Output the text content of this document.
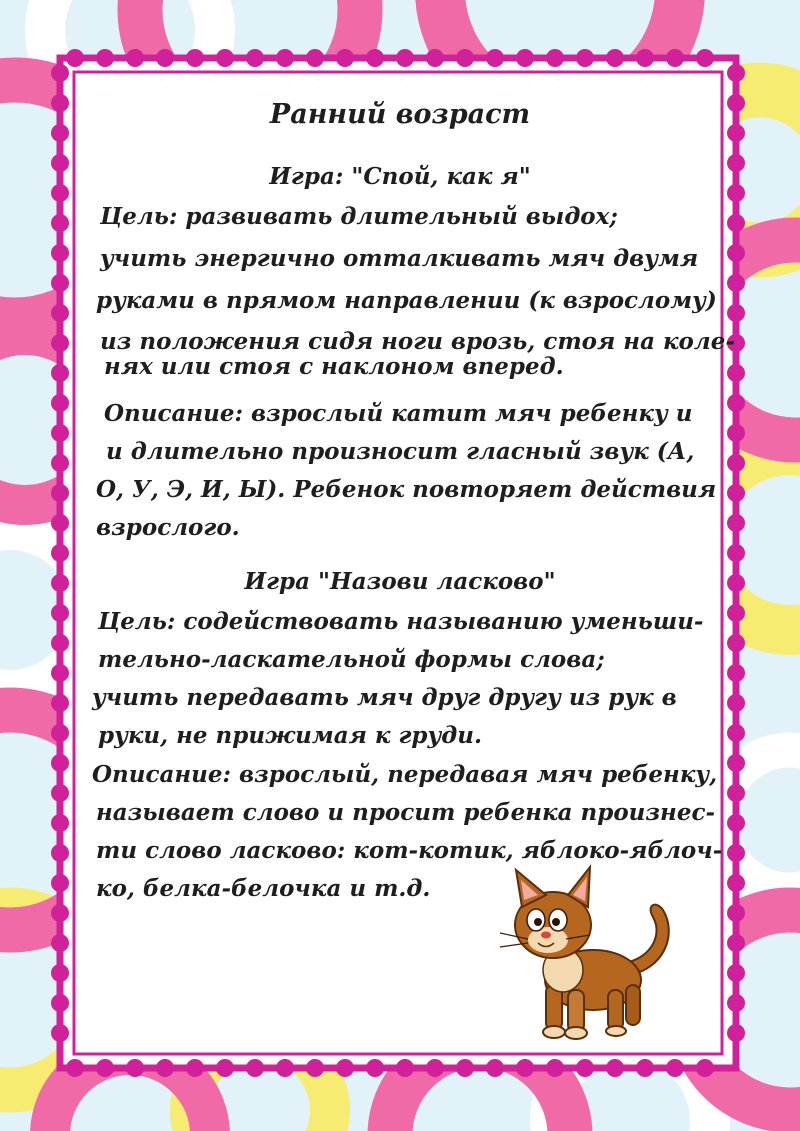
Ранний возраст
Игра: "Спой, как я"
Цель: развивать длительный выдох;
учить энергично отталкивать мяч двумя
руками в прямом направлении (к взрослому)
из положения сидя ноги врозь, стоя на коле-
нях или стоя с наклоном вперед.
Описание: взрослый катит мяч ребенку и
и длительно произносит гласный звук (А,
О, У, Э, И, Ы). Ребенок повторяет действия
взрослого.
Игра "Назови ласково"
Цель: содействовать называнию уменьши-
тельно-ласкательной формы слова;
учить передавать мяч друг другу из рук в
руки, не прижимая к груди.
Описание: взрослый, передавая мяч ребенку,
называет слово и просит ребенка произнес-
ти слово ласково: кот-котик, яблоко-яблоч-
ко, белка-белочка и т.д.
